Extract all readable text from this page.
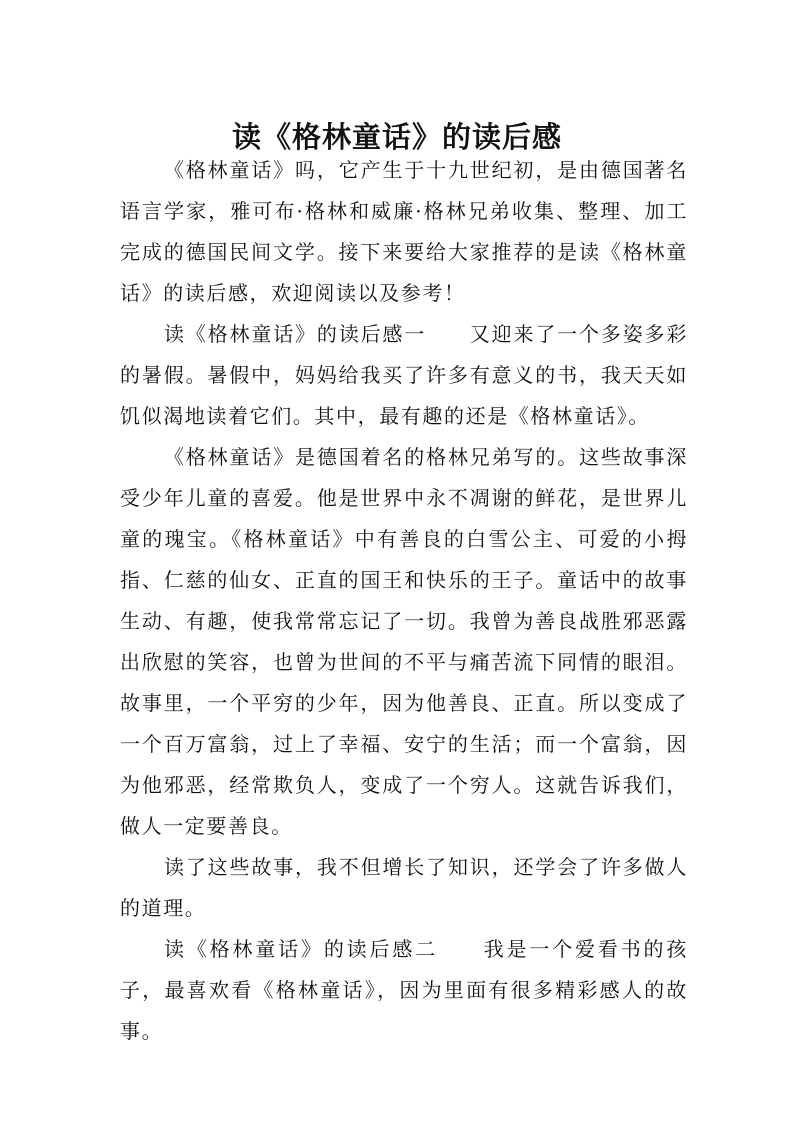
读《格林童话》的读后感

《格林童话》吗，它产生于十九世纪初，是由德国著名语言学家，雅可布·格林和威廉·格林兄弟收集、整理、加工完成的德国民间文学。接下来要给大家推荐的是读《格林童话》的读后感，欢迎阅读以及参考！

读《格林童话》的读后感一　　又迎来了一个多姿多彩的暑假。暑假中，妈妈给我买了许多有意义的书，我天天如饥似渴地读着它们。其中，最有趣的还是《格林童话》。

《格林童话》是德国着名的格林兄弟写的。这些故事深受少年儿童的喜爱。他是世界中永不凋谢的鲜花，是世界儿童的瑰宝。《格林童话》中有善良的白雪公主、可爱的小拇指、仁慈的仙女、正直的国王和快乐的王子。童话中的故事生动、有趣，使我常常忘记了一切。我曾为善良战胜邪恶露出欣慰的笑容，也曾为世间的不平与痛苦流下同情的眼泪。故事里，一个平穷的少年，因为他善良、正直。所以变成了一个百万富翁，过上了幸福、安宁的生活；而一个富翁，因为他邪恶，经常欺负人，变成了一个穷人。这就告诉我们，做人一定要善良。

读了这些故事，我不但增长了知识，还学会了许多做人的道理。

读《格林童话》的读后感二　　我是一个爱看书的孩子，最喜欢看《格林童话》，因为里面有很多精彩感人的故事。
